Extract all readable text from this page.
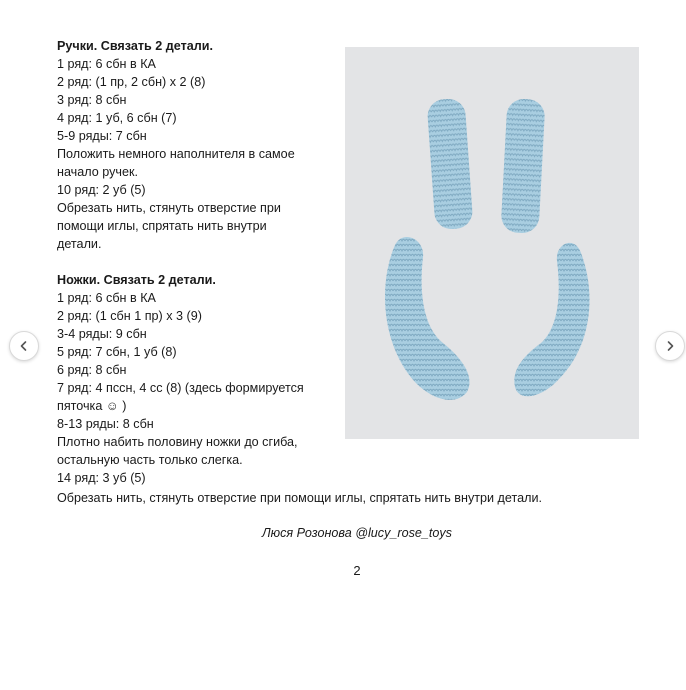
Ручки. Связать 2 детали.
1 ряд: 6 сбн в КА
2 ряд: (1 пр, 2 сбн) х 2 (8)
3 ряд: 8 сбн
4 ряд: 1 уб, 6 сбн (7)
5-9 ряды: 7 сбн
Положить немного наполнителя в самое
начало ручек.
10 ряд: 2 уб (5)
Обрезать нить, стянуть отверстие при
помощи иглы, спрятать нить внутри
детали.
Ножки. Связать 2 детали.
1 ряд: 6 сбн в КА
2 ряд: (1 сбн 1 пр) х 3 (9)
3-4 ряды: 9 сбн
5 ряд: 7 сбн, 1 уб (8)
6 ряд: 8 сбн
7 ряд: 4 пссн, 4 сс (8) (здесь формируется
пяточка ☺ )
8-13 ряды: 8 сбн
Плотно набить половину ножки до сгиба,
остальную часть только слегка.
14 ряд: 3 уб (5)
Обрезать нить, стянуть отверстие при помощи иглы, спрятать нить внутри детали.
Люся Розонова @lucy_rose_toys
2
